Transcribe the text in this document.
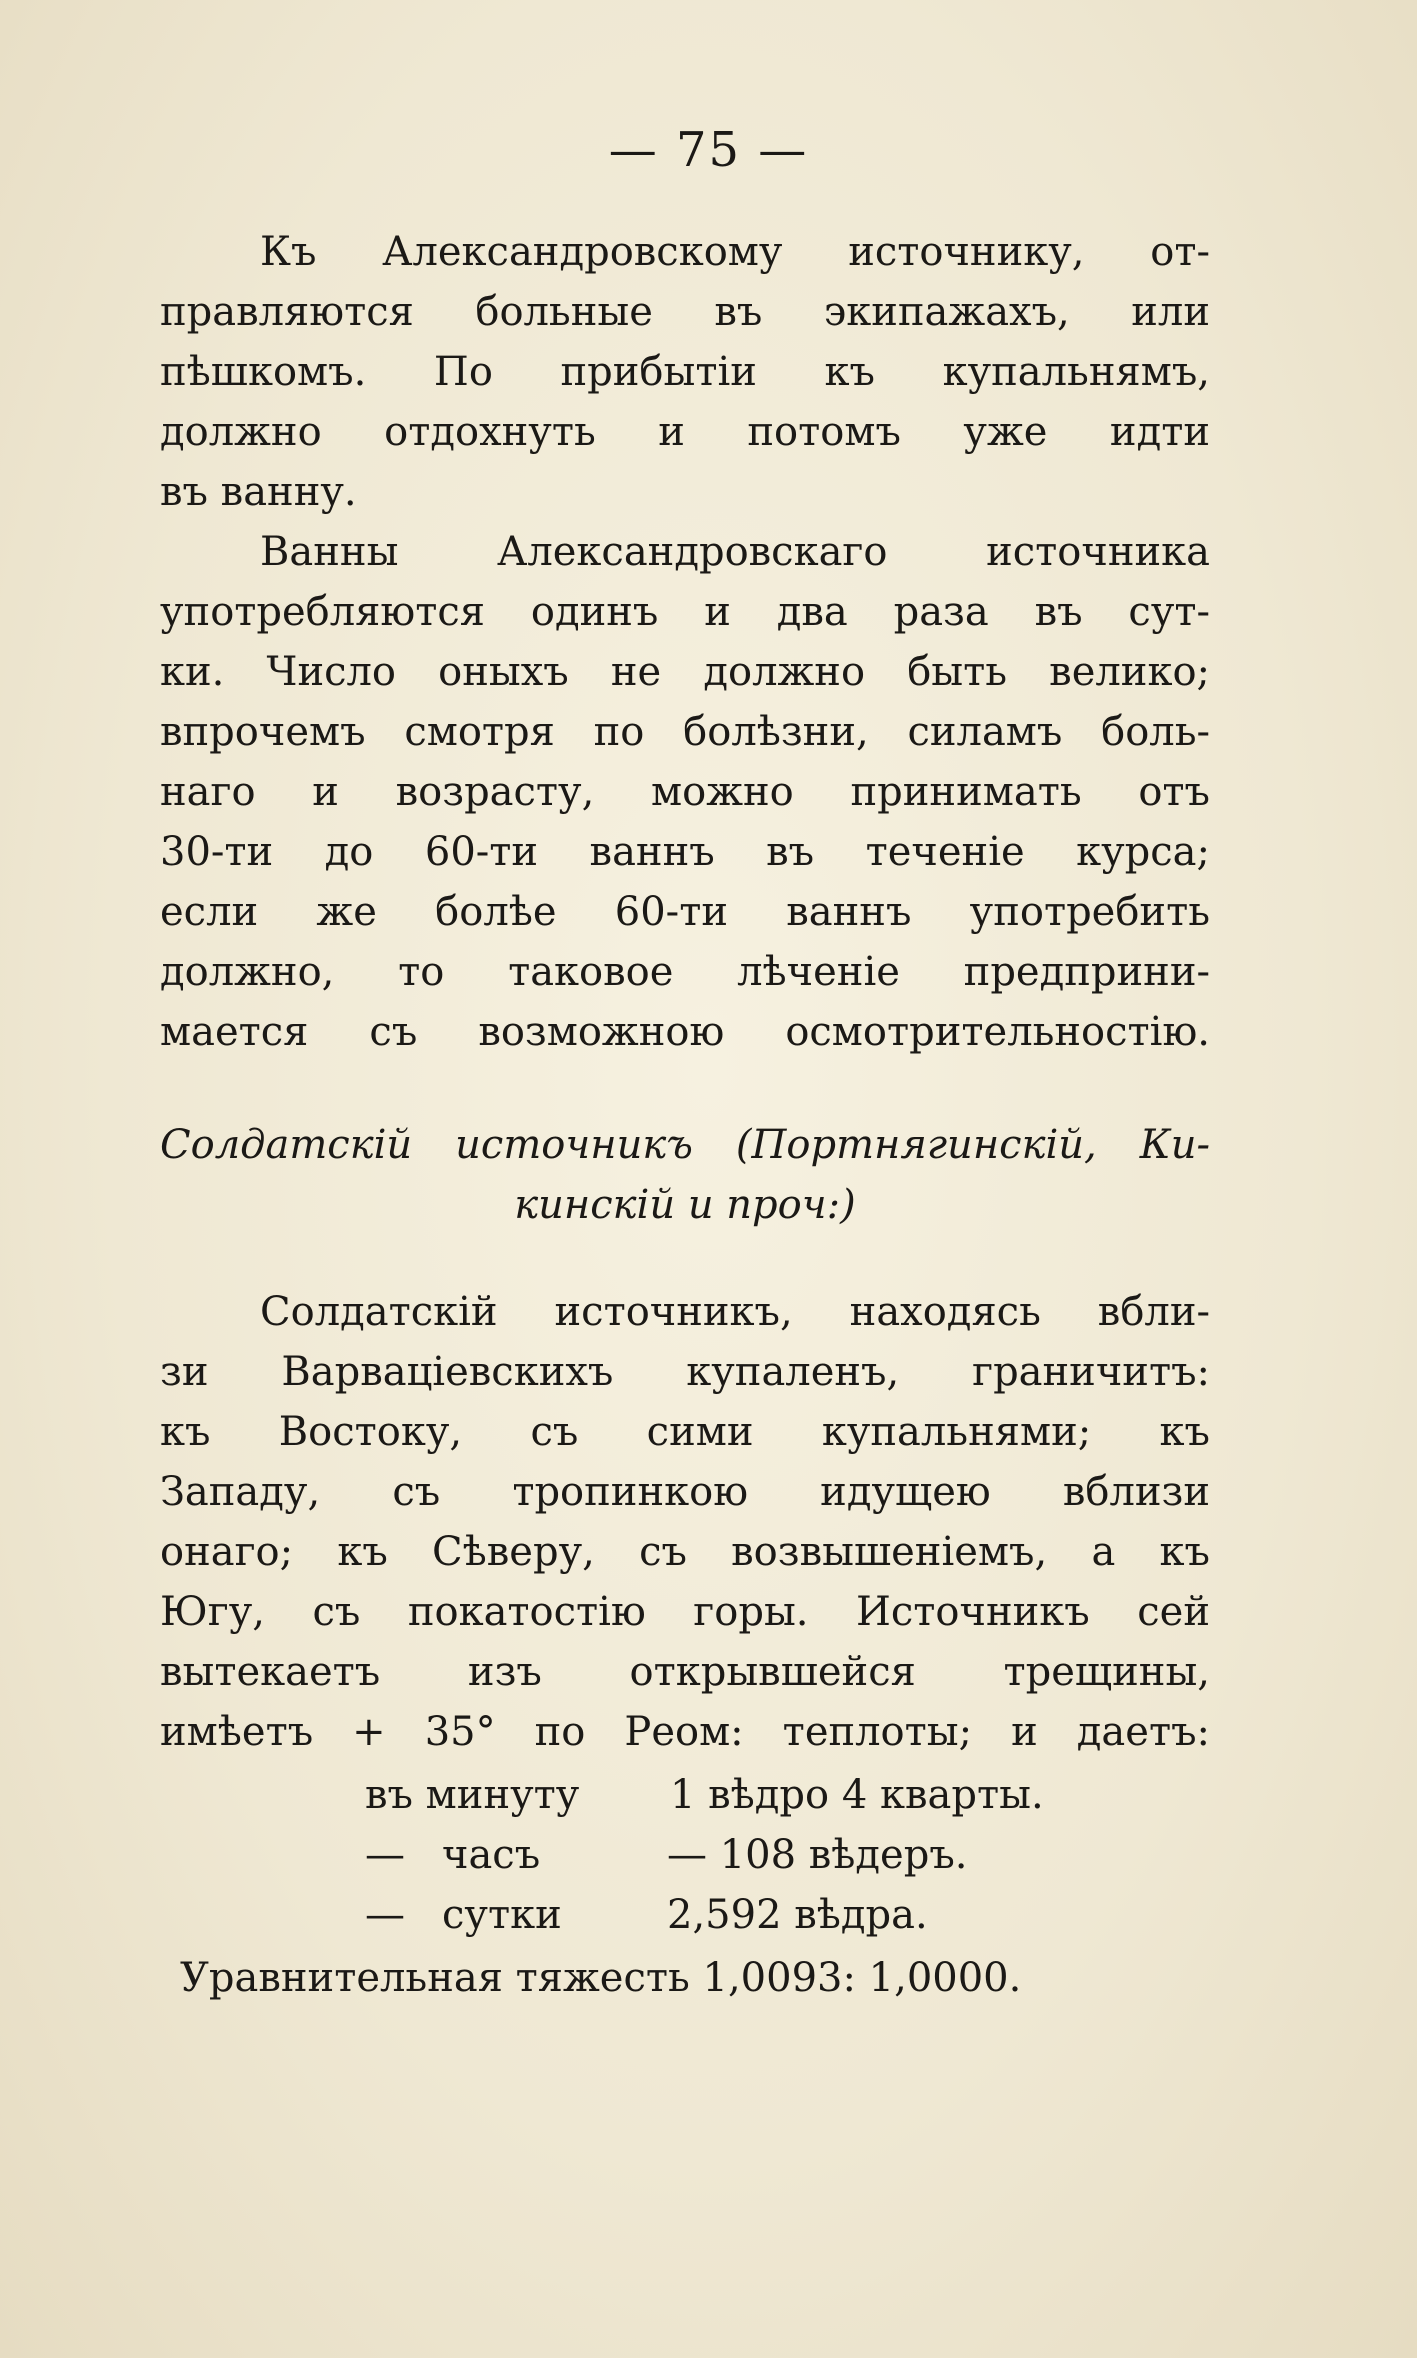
— 75 —
Къ Александровскому источнику, от-
правляются больные въ экипажахъ, или
пѣшкомъ. По прибытіи къ купальнямъ,
должно отдохнуть и потомъ уже идти
въ ванну.
Ванны Александровскаго источника
употребляются одинъ и два раза въ сут-
ки. Число оныхъ не должно быть велико;
впрочемъ смотря по болѣзни, силамъ боль-
наго и возрасту, можно принимать отъ
30-ти до 60-ти ваннъ въ теченіе курса;
если же болѣе 60-ти ваннъ употребить
должно, то таковое лѣченіе предприни-
мается съ возможною осмотрительностію.
Солдатскій источникъ (Портнягинскій, Ки-
кинскій и проч:)
Солдатскій источникъ, находясь вбли-
зи Варваціевскихъ купаленъ, граничитъ:
къ Востоку, съ сими купальнями; къ
Западу, съ тропинкою идущею вблизи
онаго; къ Сѣверу, съ возвышеніемъ, а къ
Югу, съ покатостію горы. Источникъ сей
вытекаетъ изъ открывшейся трещины,
имѣетъ + 35° по Реом: теплоты; и даетъ:
въ минуту 1 вѣдро 4 кварты.
— часъ	— 108 вѣдеръ.
— сутки	2,592 вѣдра.
Уравнительная тяжесть 1,0093: 1,0000.
